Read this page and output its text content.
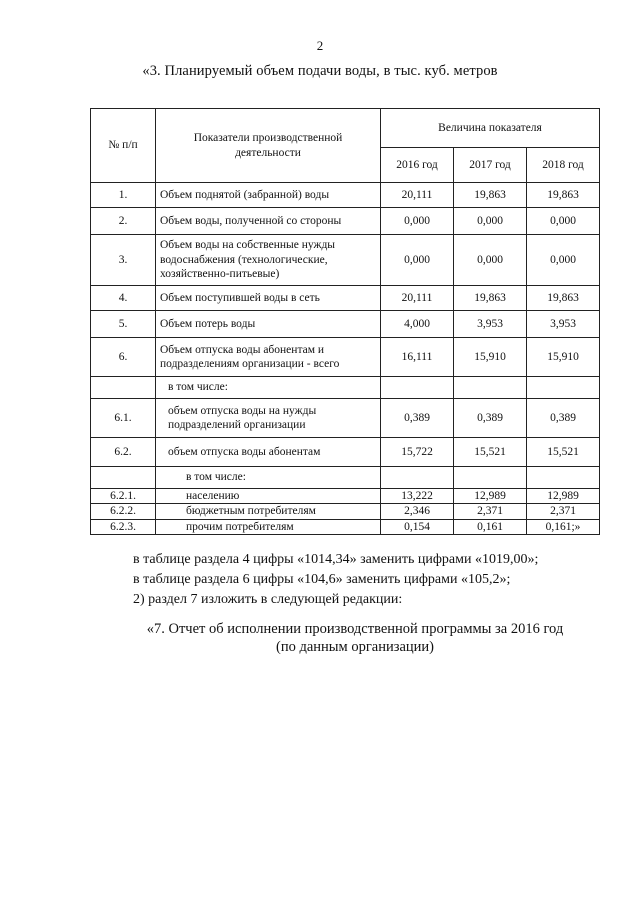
2
«3. Планируемый объем подачи воды, в тыс. куб. метров
№ п/п	Показатели производственной деятельности	Величина показателя		
		2016 год	2017 год	2018 год
1.	Объем поднятой (забранной) воды	20,111	19,863	19,863
2.	Объем воды, полученной со стороны	0,000	0,000	0,000
3.	Объем воды на собственные нужды водоснабжения (технологические, хозяйственно-питьевые)	0,000	0,000	0,000
4.	Объем поступившей воды в сеть	20,111	19,863	19,863
5.	Объем потерь воды	4,000	3,953	3,953
6.	Объем отпуска воды абонентам и подразделениям организации - всего	16,111	15,910	15,910
	в том числе:			
6.1.	объем отпуска воды на нужды подразделений организации	0,389	0,389	0,389
6.2.	объем отпуска воды абонентам	15,722	15,521	15,521
	в том числе:			
6.2.1.	населению	13,222	12,989	12,989
6.2.2.	бюджетным потребителям	2,346	2,371	2,371
6.2.3.	прочим потребителям	0,154	0,161	0,161;»

в таблице раздела 4 цифры «1014,34» заменить цифрами «1019,00»;

в таблице раздела 6 цифры «104,6» заменить цифрами «105,2»;

2) раздел 7 изложить в следующей редакции:

«7. Отчет об исполнении производственной программы за 2016 год

(по данным организации)
